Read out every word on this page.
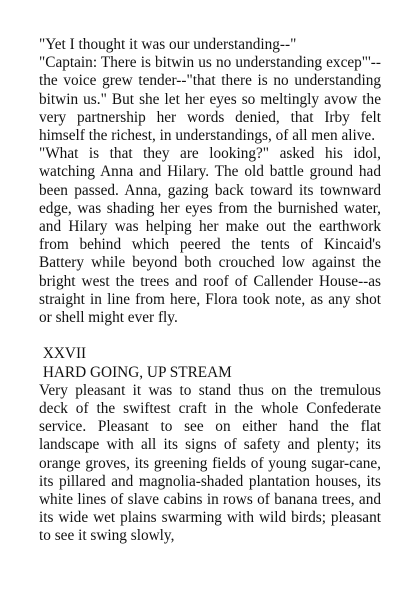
"Yet I thought it was our understanding--"

"Captain: There is bitwin us no understanding excep"'--the voice grew tender--"that there is no understanding bitwin us." But she let her eyes so meltingly avow the very partnership her words denied, that Irby felt himself the richest, in understandings, of all men alive.

"What is that they are looking?" asked his idol, watching Anna and Hilary. The old battle ground had been passed. Anna, gazing back toward its townward edge, was shading her eyes from the burnished water, and Hilary was helping her make out the earthwork from behind which peered the tents of Kincaid's Battery while beyond both crouched low against the bright west the trees and roof of Callender House--as straight in line from here, Flora took note, as any shot or shell might ever fly.

XXVII

HARD GOING, UP STREAM

Very pleasant it was to stand thus on the tremulous deck of the swiftest craft in the whole Confederate service. Pleasant to see on either hand the flat landscape with all its signs of safety and plenty; its orange groves, its greening fields of young sugar-cane, its pillared and magnolia-shaded plantation houses, its white lines of slave cabins in rows of banana trees, and its wide wet plains swarming with wild birds; pleasant to see it swing slowly,
